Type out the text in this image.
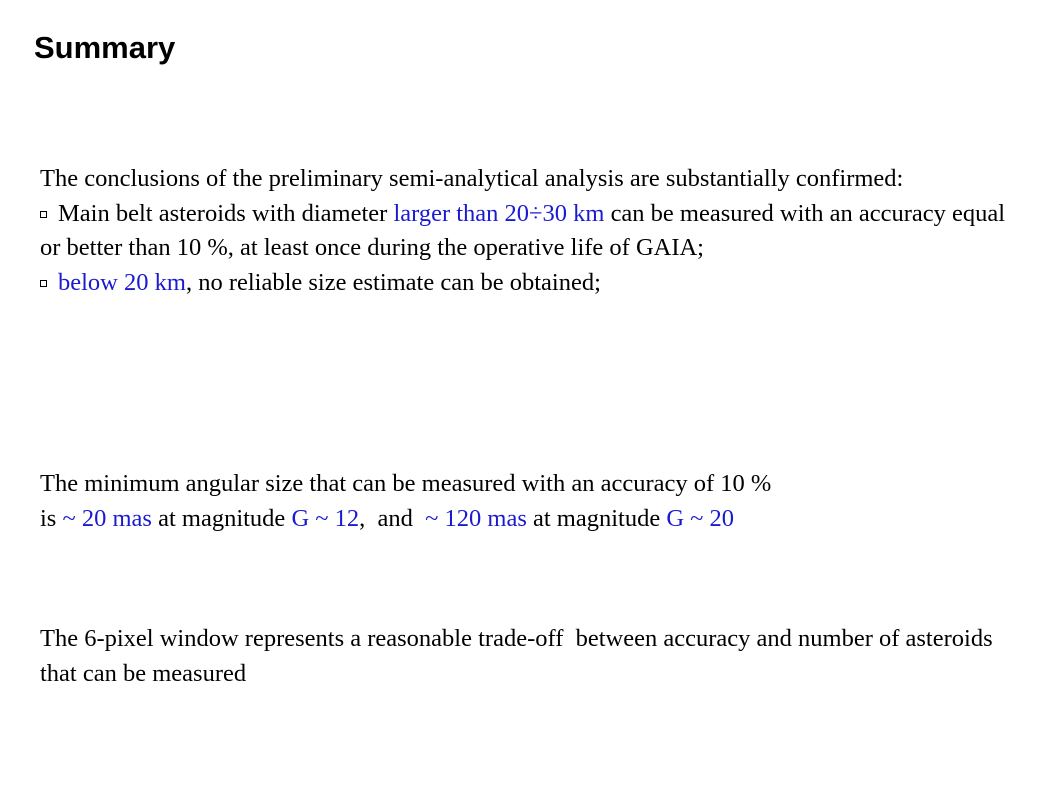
Summary

The conclusions of the preliminary semi-analytical analysis are substantially confirmed:

Main belt asteroids with diameter larger than 20÷30 km can be measured with an accuracy equal or better than 10 %, at least once during the operative life of GAIA;

below 20 km, no reliable size estimate can be obtained;

The minimum angular size that can be measured with an accuracy of 10 %

is ~ 20 mas at magnitude G ~ 12,  and  ~ 120 mas at magnitude G ~ 20

The 6-pixel window represents a reasonable trade-off  between accuracy and number of asteroids that can be measured
